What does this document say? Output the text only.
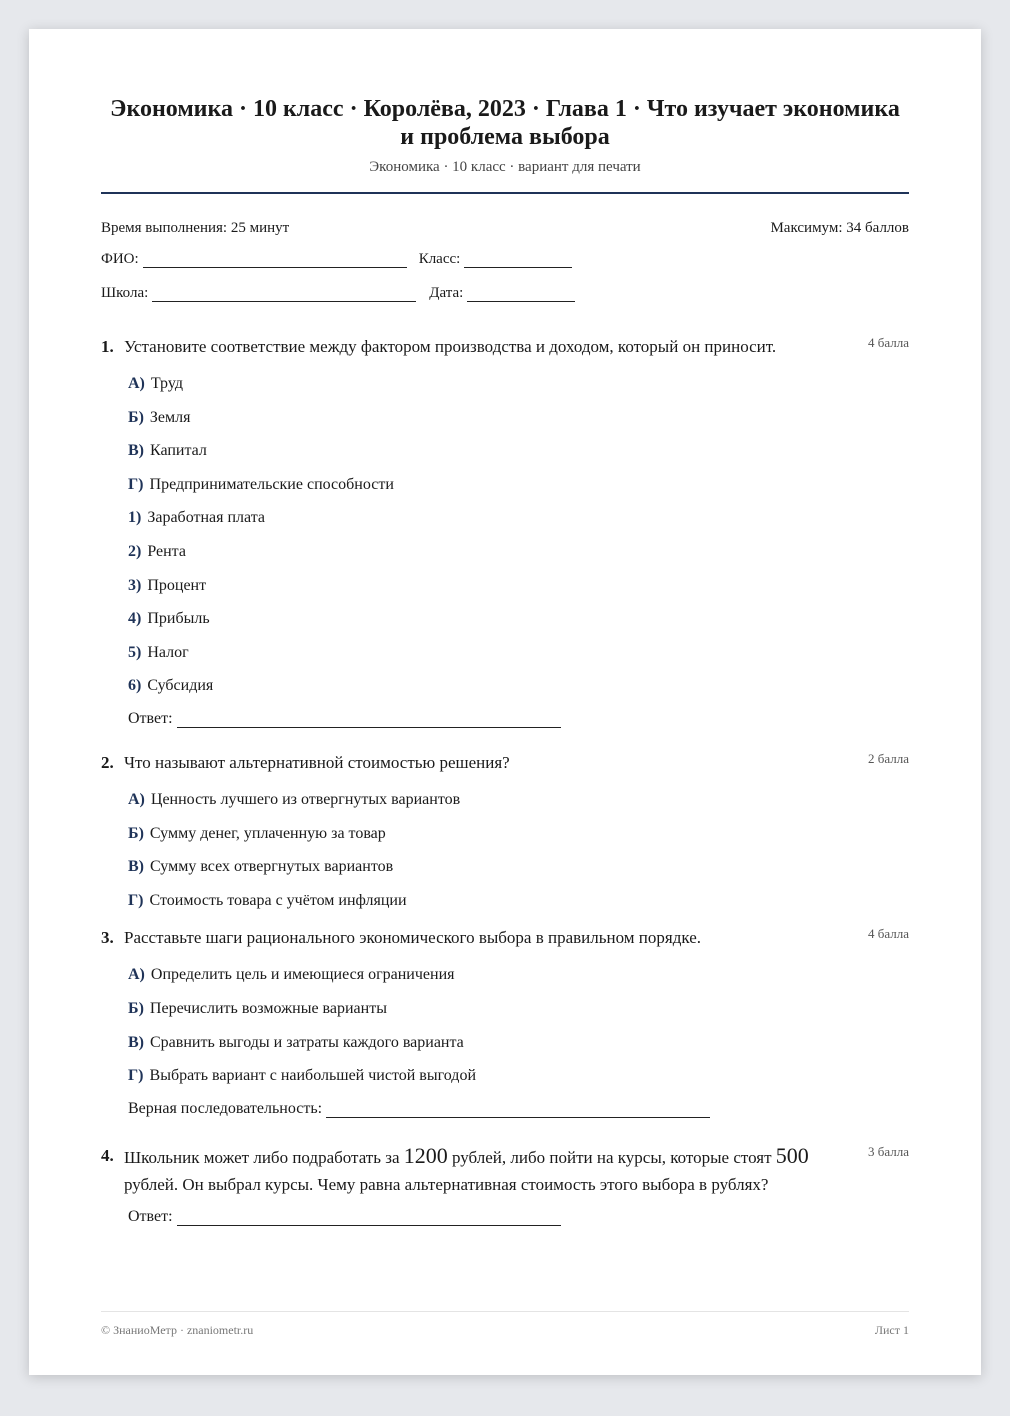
Экономика · 10 класс · Королёва, 2023 · Глава 1 · Что изучает экономика и проблема выбора
Экономика · 10 класс · вариант для печати
Время выполнения: 25 минут	Максимум: 34 баллов
ФИО:	Класс:
Школа:	Дата:
1. Установите соответствие между фактором производства и доходом, который он приносит.	4 балла
А) Труд
Б) Земля
В) Капитал
Г) Предпринимательские способности
1) Заработная плата
2) Рента
3) Процент
4) Прибыль
5) Налог
6) Субсидия
Ответ:
2. Что называют альтернативной стоимостью решения?	2 балла
А) Ценность лучшего из отвергнутых вариантов
Б) Сумму денег, уплаченную за товар
В) Сумму всех отвергнутых вариантов
Г) Стоимость товара с учётом инфляции
3. Расставьте шаги рационального экономического выбора в правильном порядке.	4 балла
А) Определить цель и имеющиеся ограничения
Б) Перечислить возможные варианты
В) Сравнить выгоды и затраты каждого варианта
Г) Выбрать вариант с наибольшей чистой выгодой
Верная последовательность:
4. Школьник может либо подработать за 1200 рублей, либо пойти на курсы, которые стоят 500 рублей. Он выбрал курсы. Чему равна альтернативная стоимость этого выбора в рублях?
3 балла
Ответ:
© ЗнаниоМетр · znaniometr.ru	Лист 1
